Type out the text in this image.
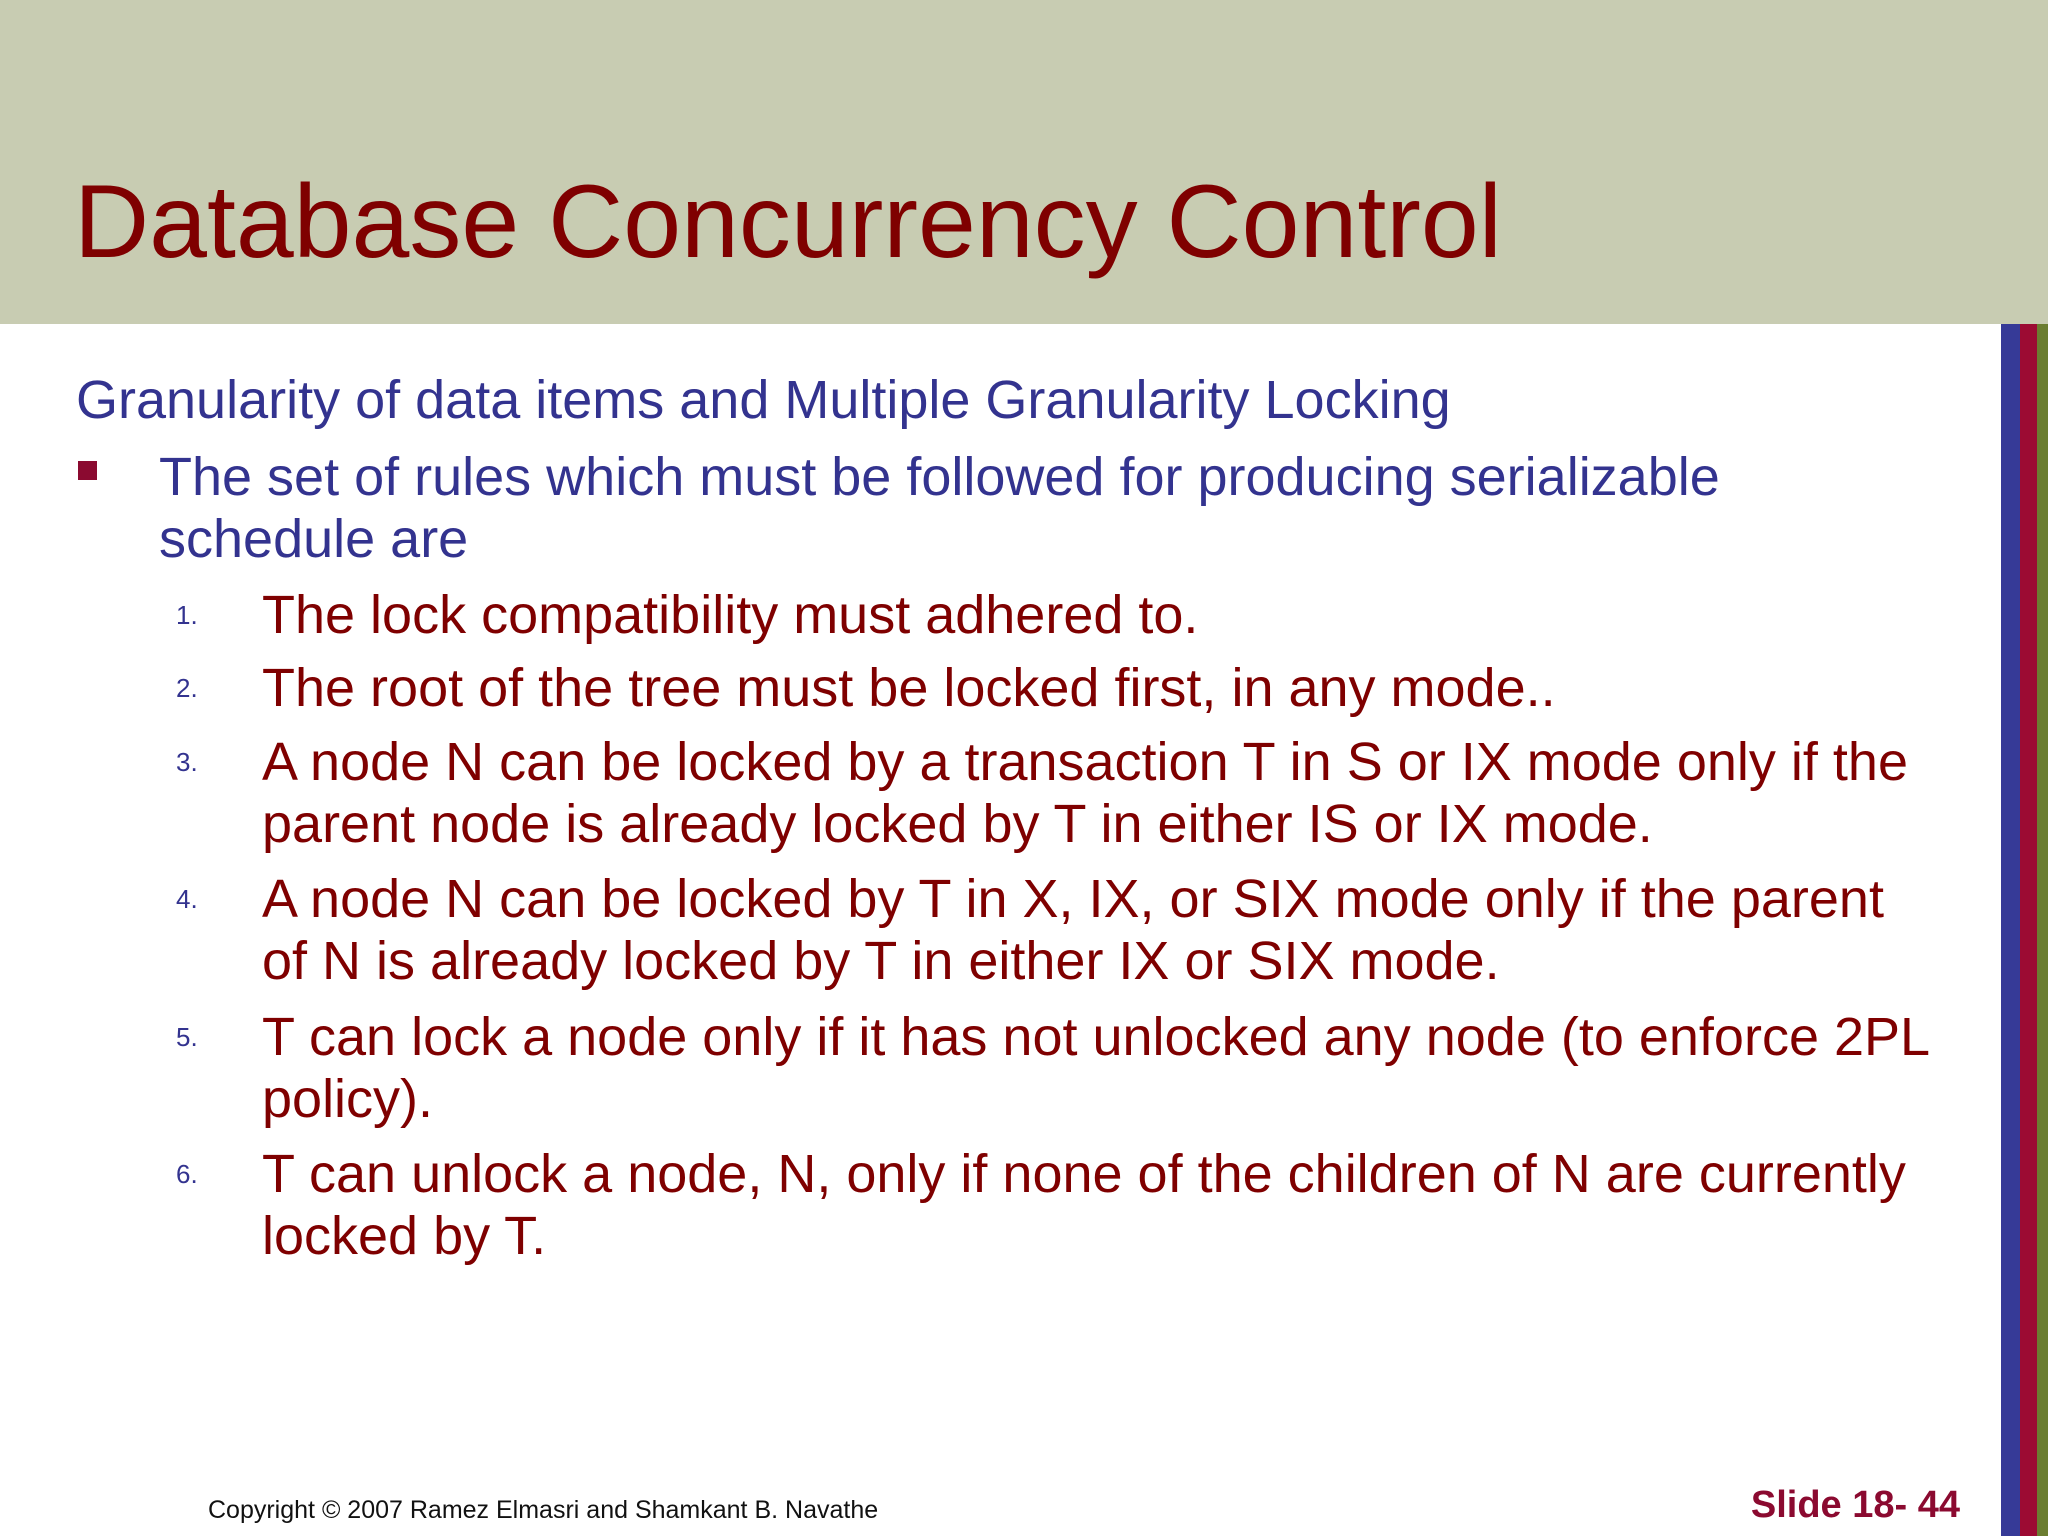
Database Concurrency Control
Granularity of data items and Multiple Granularity Locking
The set of rules which must be followed for producing serializable schedule are
1. The lock compatibility must adhered to.
2. The root of the tree must be locked first, in any mode..
3. A node N can be locked by a transaction T in S or IX mode only if the parent node is already locked by T in either IS or IX mode.
4. A node N can be locked by T in X, IX, or SIX mode only if the parent of N is already locked by T in either IX or SIX mode.
5. T can lock a node only if it has not unlocked any node (to enforce 2PL policy).
6. T can unlock a node, N, only if none of the children of N are currently locked by T.
Copyright © 2007 Ramez Elmasri and Shamkant B. Navathe	Slide 18- 44
